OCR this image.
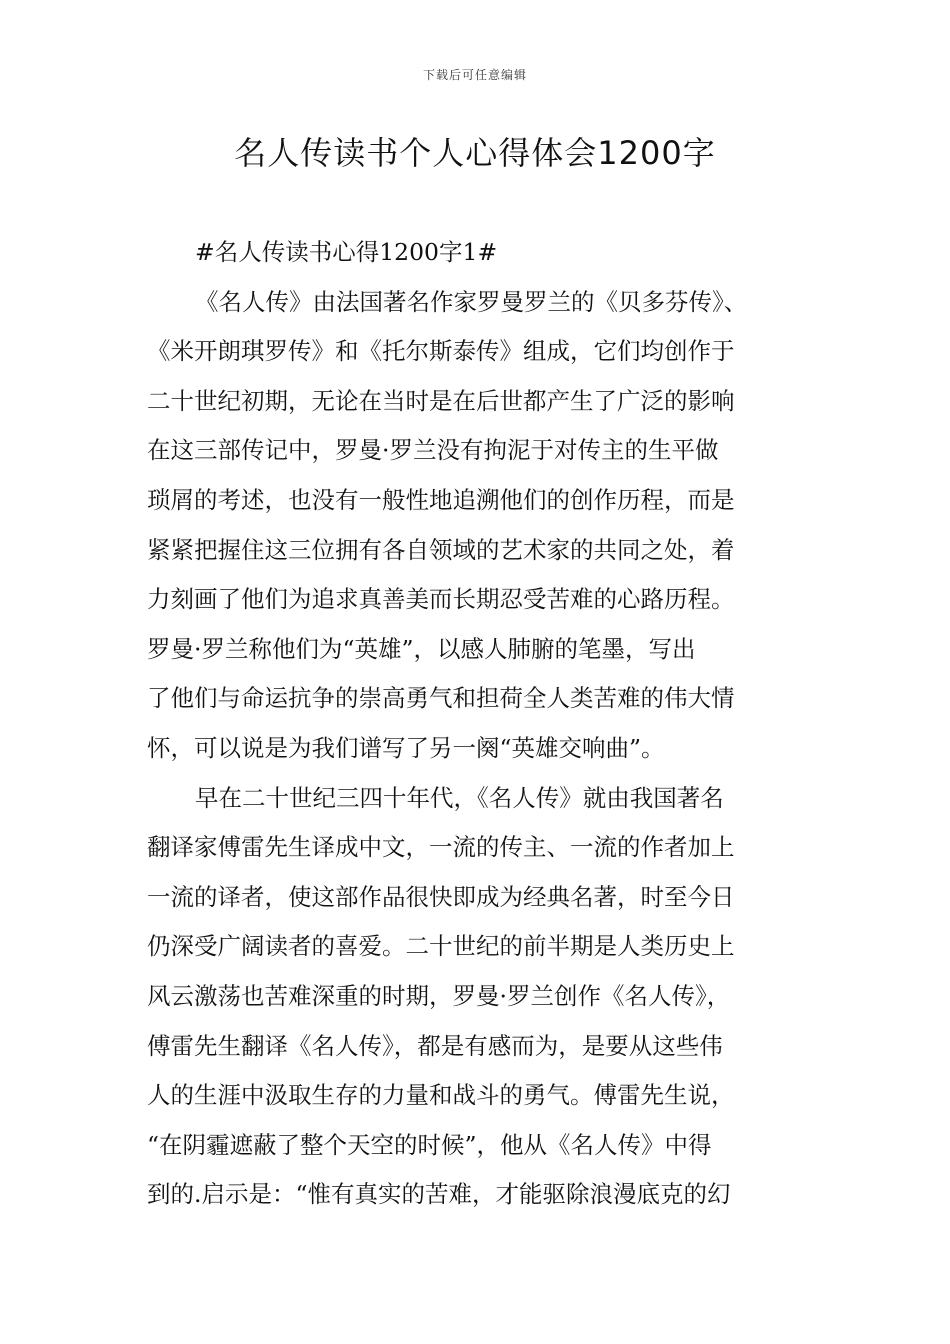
下载后可任意编辑
名人传读书个人心得体会1200字
#名人传读书心得1200字1#
《名人传》由法国著名作家罗曼罗兰的《贝多芬传》、
《米开朗琪罗传》和《托尔斯泰传》组成，它们均创作于
二十世纪初期，无论在当时是在后世都产生了广泛的影响
在这三部传记中，罗曼·罗兰没有拘泥于对传主的生平做
琐屑的考述，也没有一般性地追溯他们的创作历程，而是
紧紧把握住这三位拥有各自领域的艺术家的共同之处，着
力刻画了他们为追求真善美而长期忍受苦难的心路历程。
罗曼·罗兰称他们为“英雄”，以感人肺腑的笔墨，写出
了他们与命运抗争的崇高勇气和担荷全人类苦难的伟大情
怀，可以说是为我们谱写了另一阕“英雄交响曲”。
早在二十世纪三四十年代，《名人传》就由我国著名
翻译家傅雷先生译成中文，一流的传主、一流的作者加上
一流的译者，使这部作品很快即成为经典名著，时至今日
仍深受广阔读者的喜爱。二十世纪的前半期是人类历史上
风云激荡也苦难深重的时期，罗曼·罗兰创作《名人传》，
傅雷先生翻译《名人传》，都是有感而为，是要从这些伟
人的生涯中汲取生存的力量和战斗的勇气。傅雷先生说，
“在阴霾遮蔽了整个天空的时候”，他从《名人传》中得
到的.启示是：“惟有真实的苦难，才能驱除浪漫底克的幻
